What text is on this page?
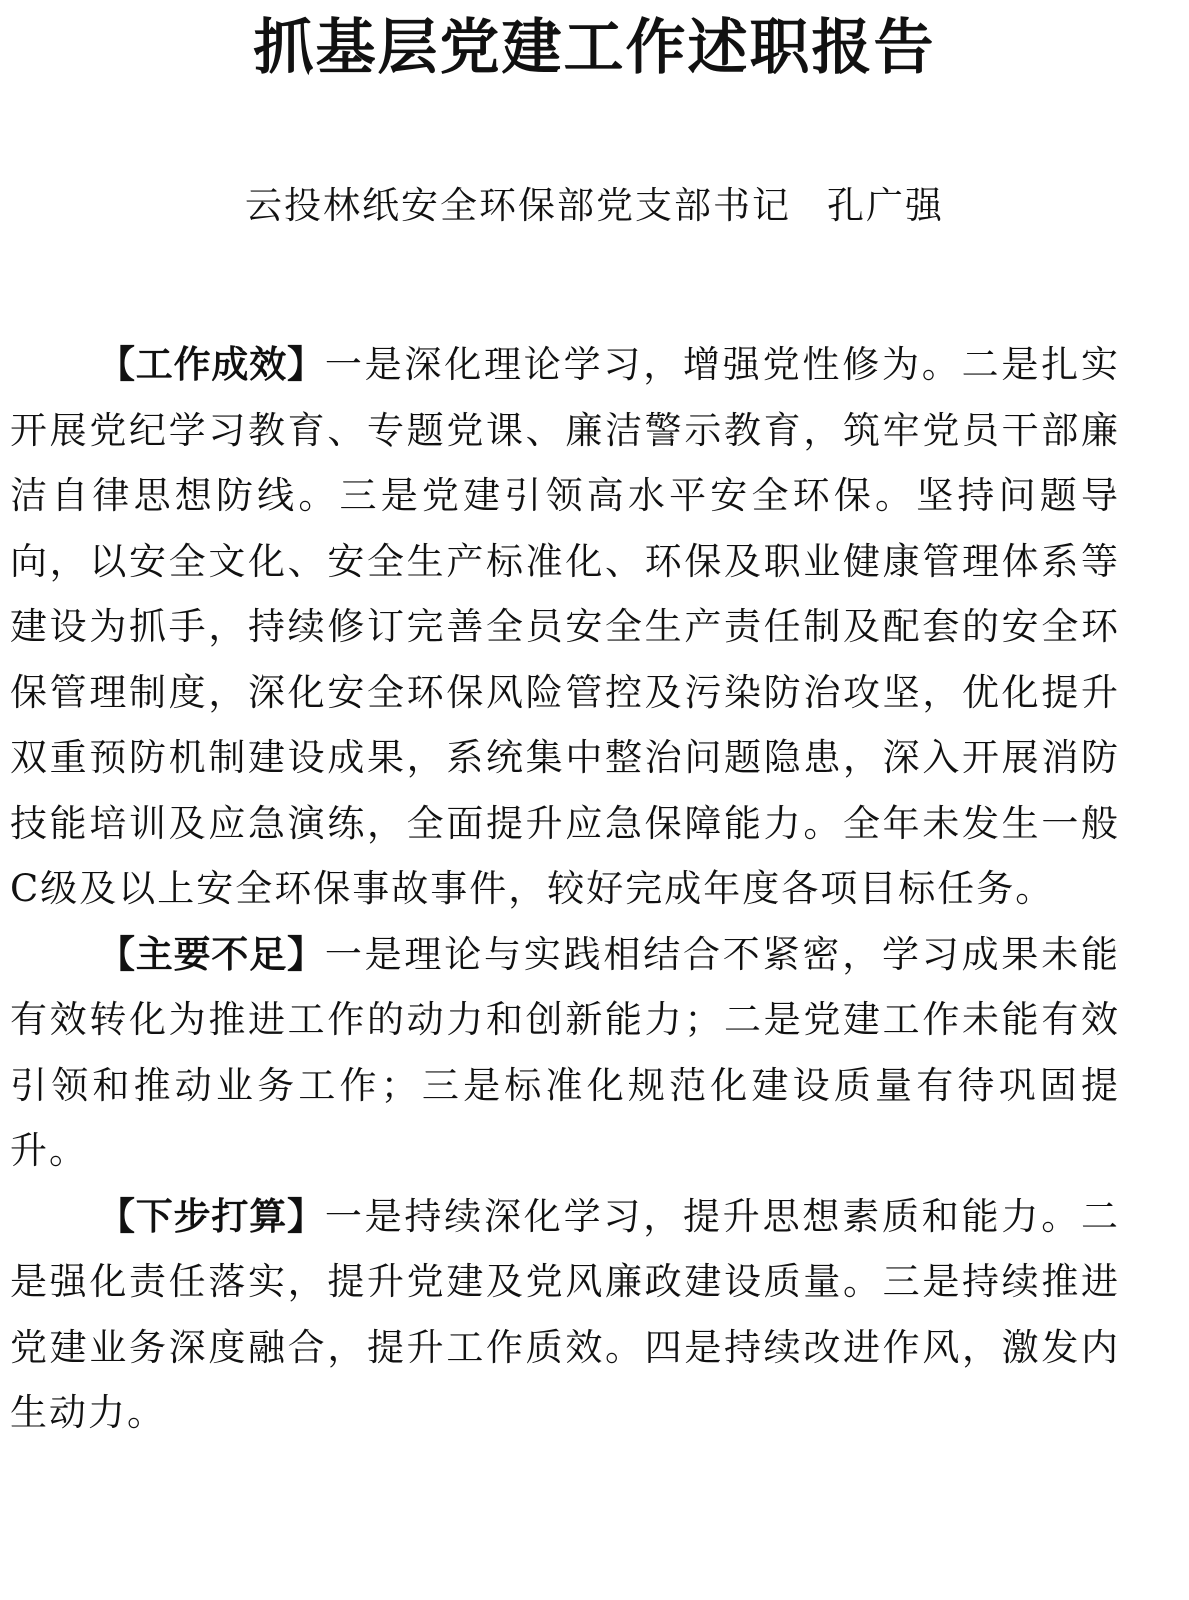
抓基层党建工作述职报告

云投林纸安全环保部党支部书记 孔广强

【工作成效】一是深化理论学习，增强党性修为。二是扎实开展党纪学习教育、专题党课、廉洁警示教育，筑牢党员干部廉洁自律思想防线。三是党建引领高水平安全环保。坚持问题导向，以安全文化、安全生产标准化、环保及职业健康管理体系等建设为抓手，持续修订完善全员安全生产责任制及配套的安全环保管理制度，深化安全环保风险管控及污染防治攻坚，优化提升双重预防机制建设成果，系统集中整治问题隐患，深入开展消防技能培训及应急演练，全面提升应急保障能力。全年未发生一般C级及以上安全环保事故事件，较好完成年度各项目标任务。

【主要不足】一是理论与实践相结合不紧密，学习成果未能有效转化为推进工作的动力和创新能力；二是党建工作未能有效引领和推动业务工作；三是标准化规范化建设质量有待巩固提升。

【下步打算】一是持续深化学习，提升思想素质和能力。二是强化责任落实，提升党建及党风廉政建设质量。三是持续推进党建业务深度融合，提升工作质效。四是持续改进作风，激发内生动力。
